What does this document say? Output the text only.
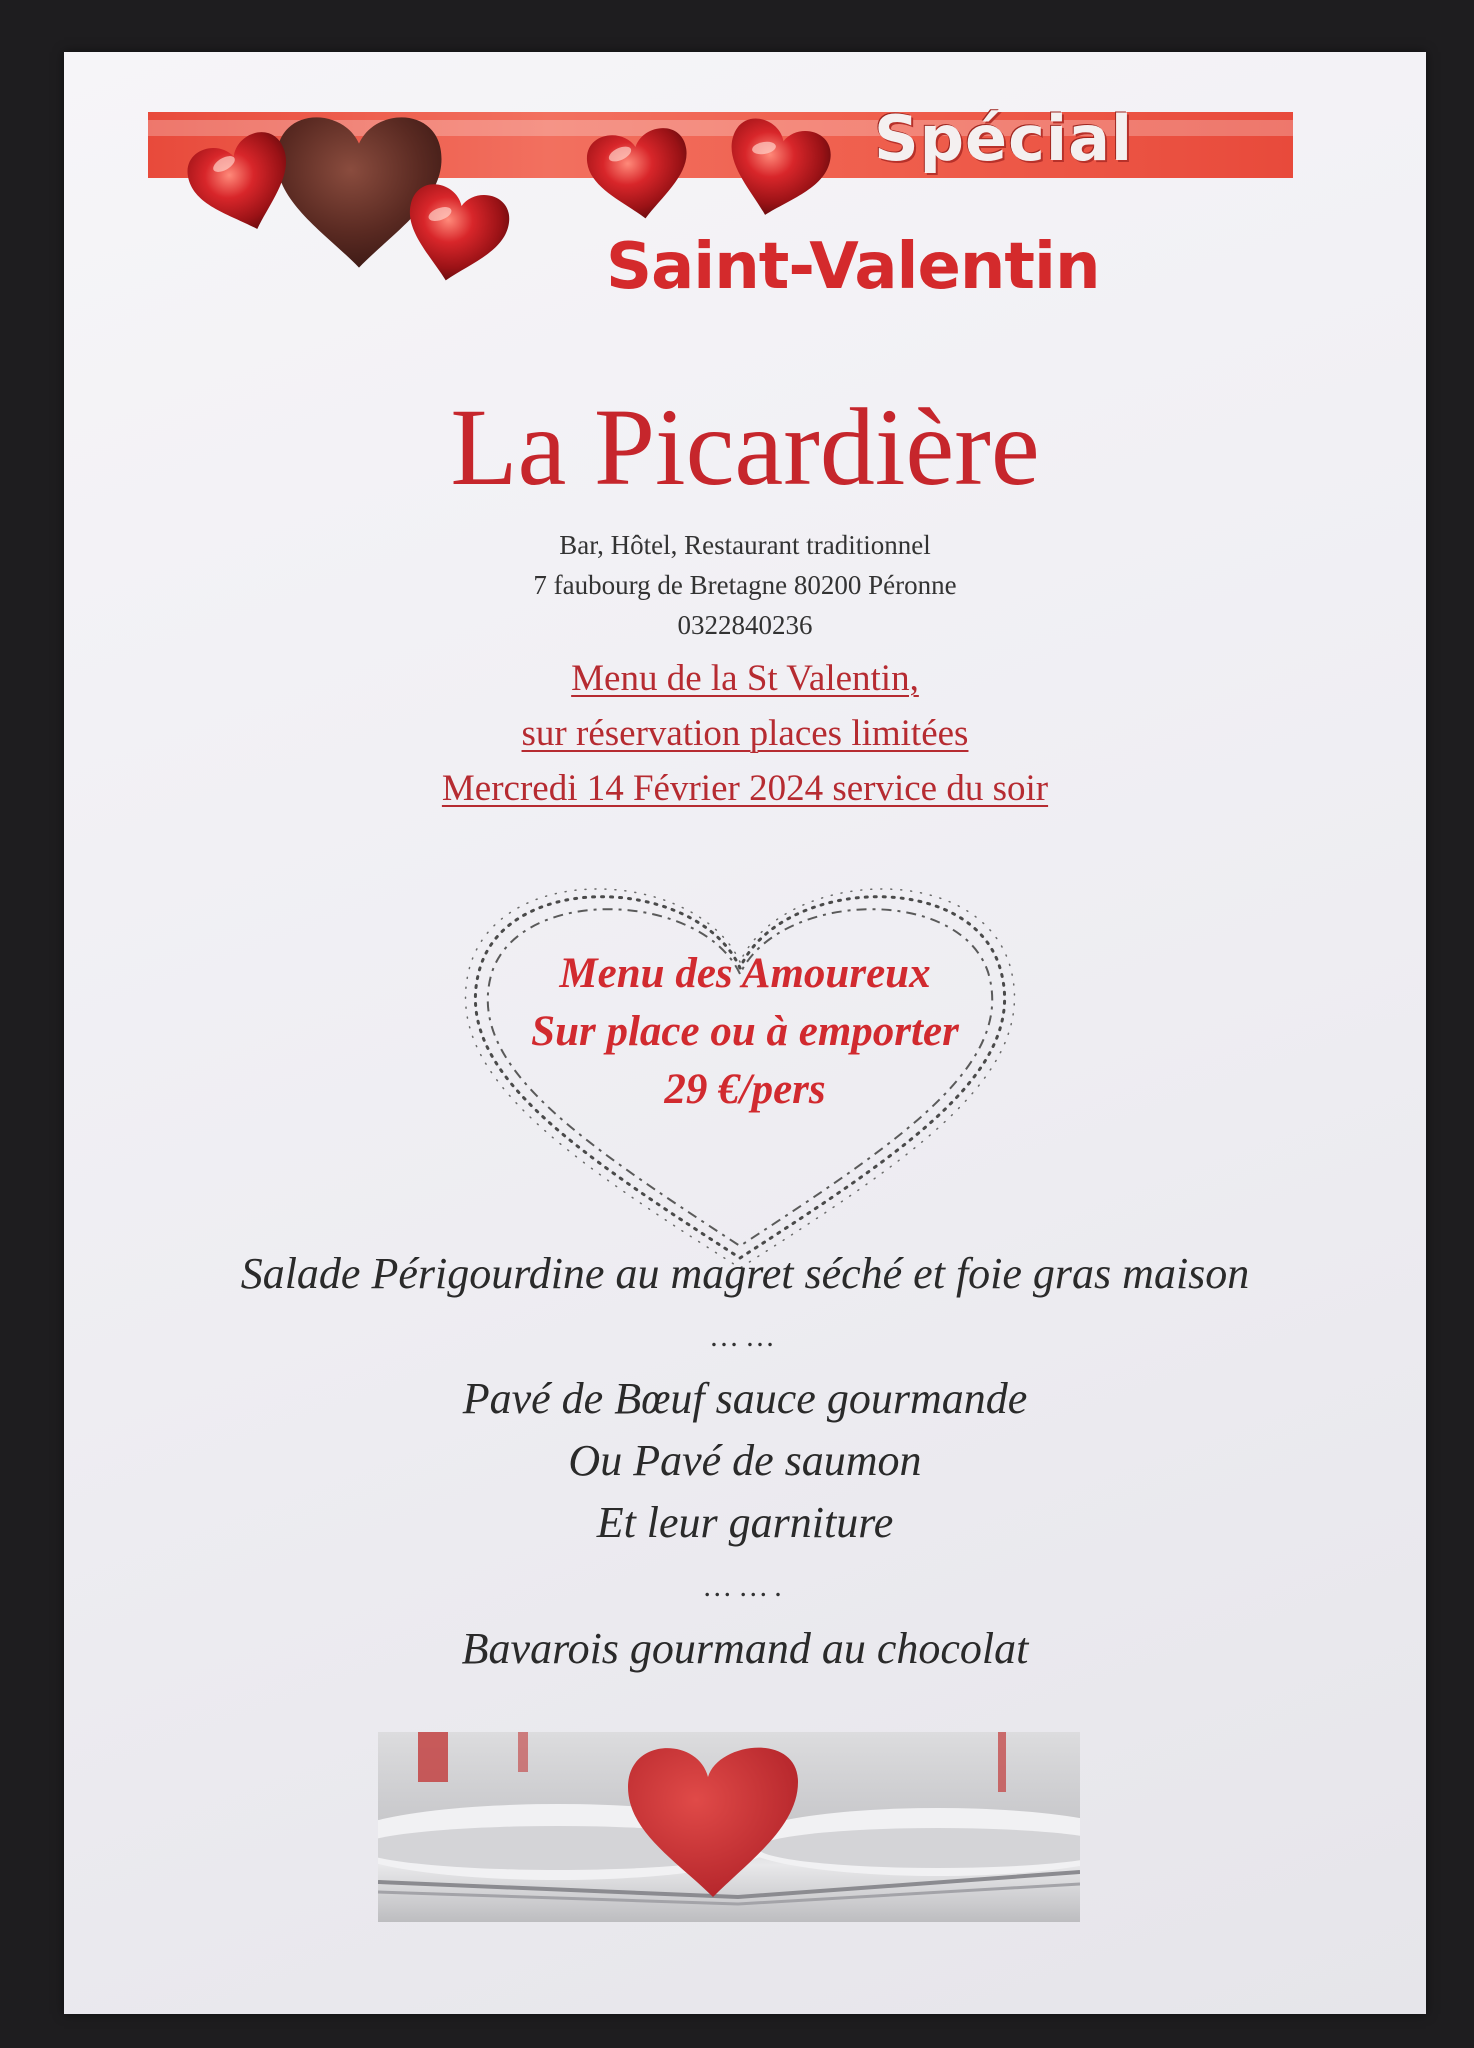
Spécial
Saint-Valentin
La Picardière
Bar, Hôtel, Restaurant traditionnel
7 faubourg de Bretagne 80200 Péronne
0322840236
Menu de la St Valentin,
sur réservation places limitées
Mercredi 14 Février 2024 service du soir
Menu des Amoureux
Sur place ou à emporter
29 €/pers
Salade Périgourdine au magret séché et foie gras maison
……
Pavé de Bœuf sauce gourmande
Ou Pavé de saumon
Et leur garniture
…….
Bavarois gourmand au chocolat
